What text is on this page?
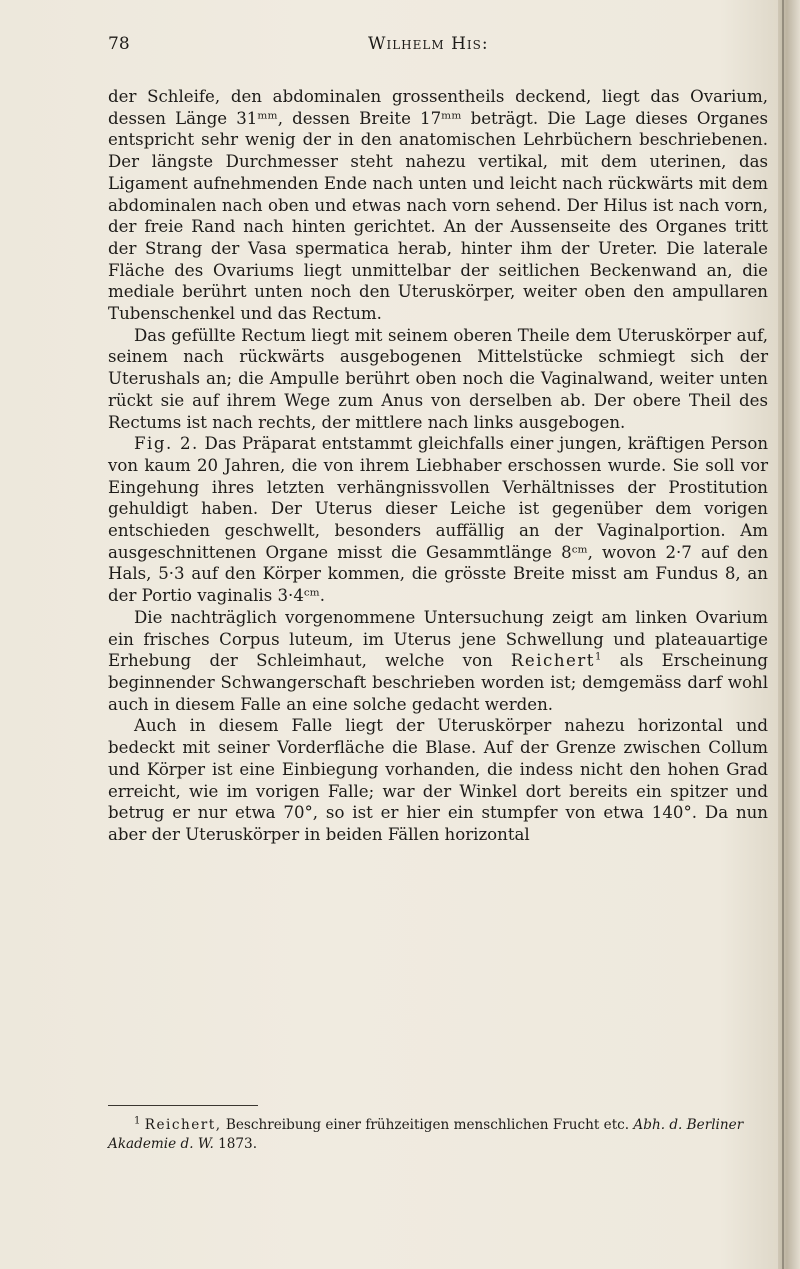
78	Wilhelm His:

der Schleife, den abdominalen grossentheils deckend, liegt das Ovarium, dessen Länge 31ᵐᵐ, dessen Breite 17ᵐᵐ beträgt. Die Lage dieses Organes entspricht sehr wenig der in den anatomischen Lehrbüchern beschriebenen. Der längste Durchmesser steht nahezu vertikal, mit dem uterinen, das Ligament aufnehmenden Ende nach unten und leicht nach rückwärts mit dem abdominalen nach oben und etwas nach vorn sehend. Der Hilus ist nach vorn, der freie Rand nach hinten gerichtet. An der Aussenseite des Organes tritt der Strang der Vasa spermatica herab, hinter ihm der Ureter. Die laterale Fläche des Ovariums liegt unmittelbar der seitlichen Beckenwand an, die mediale berührt unten noch den Uteruskörper, weiter oben den ampullaren Tubenschenkel und das Rectum.

Das gefüllte Rectum liegt mit seinem oberen Theile dem Uteruskörper auf, seinem nach rückwärts ausgebogenen Mittelstücke schmiegt sich der Uterushals an; die Ampulle berührt oben noch die Vaginalwand, weiter unten rückt sie auf ihrem Wege zum Anus von derselben ab. Der obere Theil des Rectums ist nach rechts, der mittlere nach links ausgebogen.

Fig. 2. Das Präparat entstammt gleichfalls einer jungen, kräftigen Person von kaum 20 Jahren, die von ihrem Liebhaber erschossen wurde. Sie soll vor Eingehung ihres letzten verhängnissvollen Verhältnisses der Prostitution gehuldigt haben. Der Uterus dieser Leiche ist gegenüber dem vorigen entschieden geschwellt, besonders auffällig an der Vaginalportion. Am ausgeschnittenen Organe misst die Gesammtlänge 8ᶜᵐ, wovon 2·7 auf den Hals, 5·3 auf den Körper kommen, die grösste Breite misst am Fundus 8, an der Portio vaginalis 3·4ᶜᵐ.

Die nachträglich vorgenommene Untersuchung zeigt am linken Ovarium ein frisches Corpus luteum, im Uterus jene Schwellung und plateauartige Erhebung der Schleimhaut, welche von Reichert$^1$ als Erscheinung beginnender Schwangerschaft beschrieben worden ist; demgemäss darf wohl auch in diesem Falle an eine solche gedacht werden.

Auch in diesem Falle liegt der Uteruskörper nahezu horizontal und bedeckt mit seiner Vorderfläche die Blase. Auf der Grenze zwischen Collum und Körper ist eine Einbiegung vorhanden, die indess nicht den hohen Grad erreicht, wie im vorigen Falle; war der Winkel dort bereits ein spitzer und betrug er nur etwa 70°, so ist er hier ein stumpfer von etwa 140°. Da nun aber der Uteruskörper in beiden Fällen horizontal

$^1$ Reichert, Beschreibung einer frühzeitigen menschlichen Frucht etc. Abh. d. Berliner Akademie d. W. 1873.
